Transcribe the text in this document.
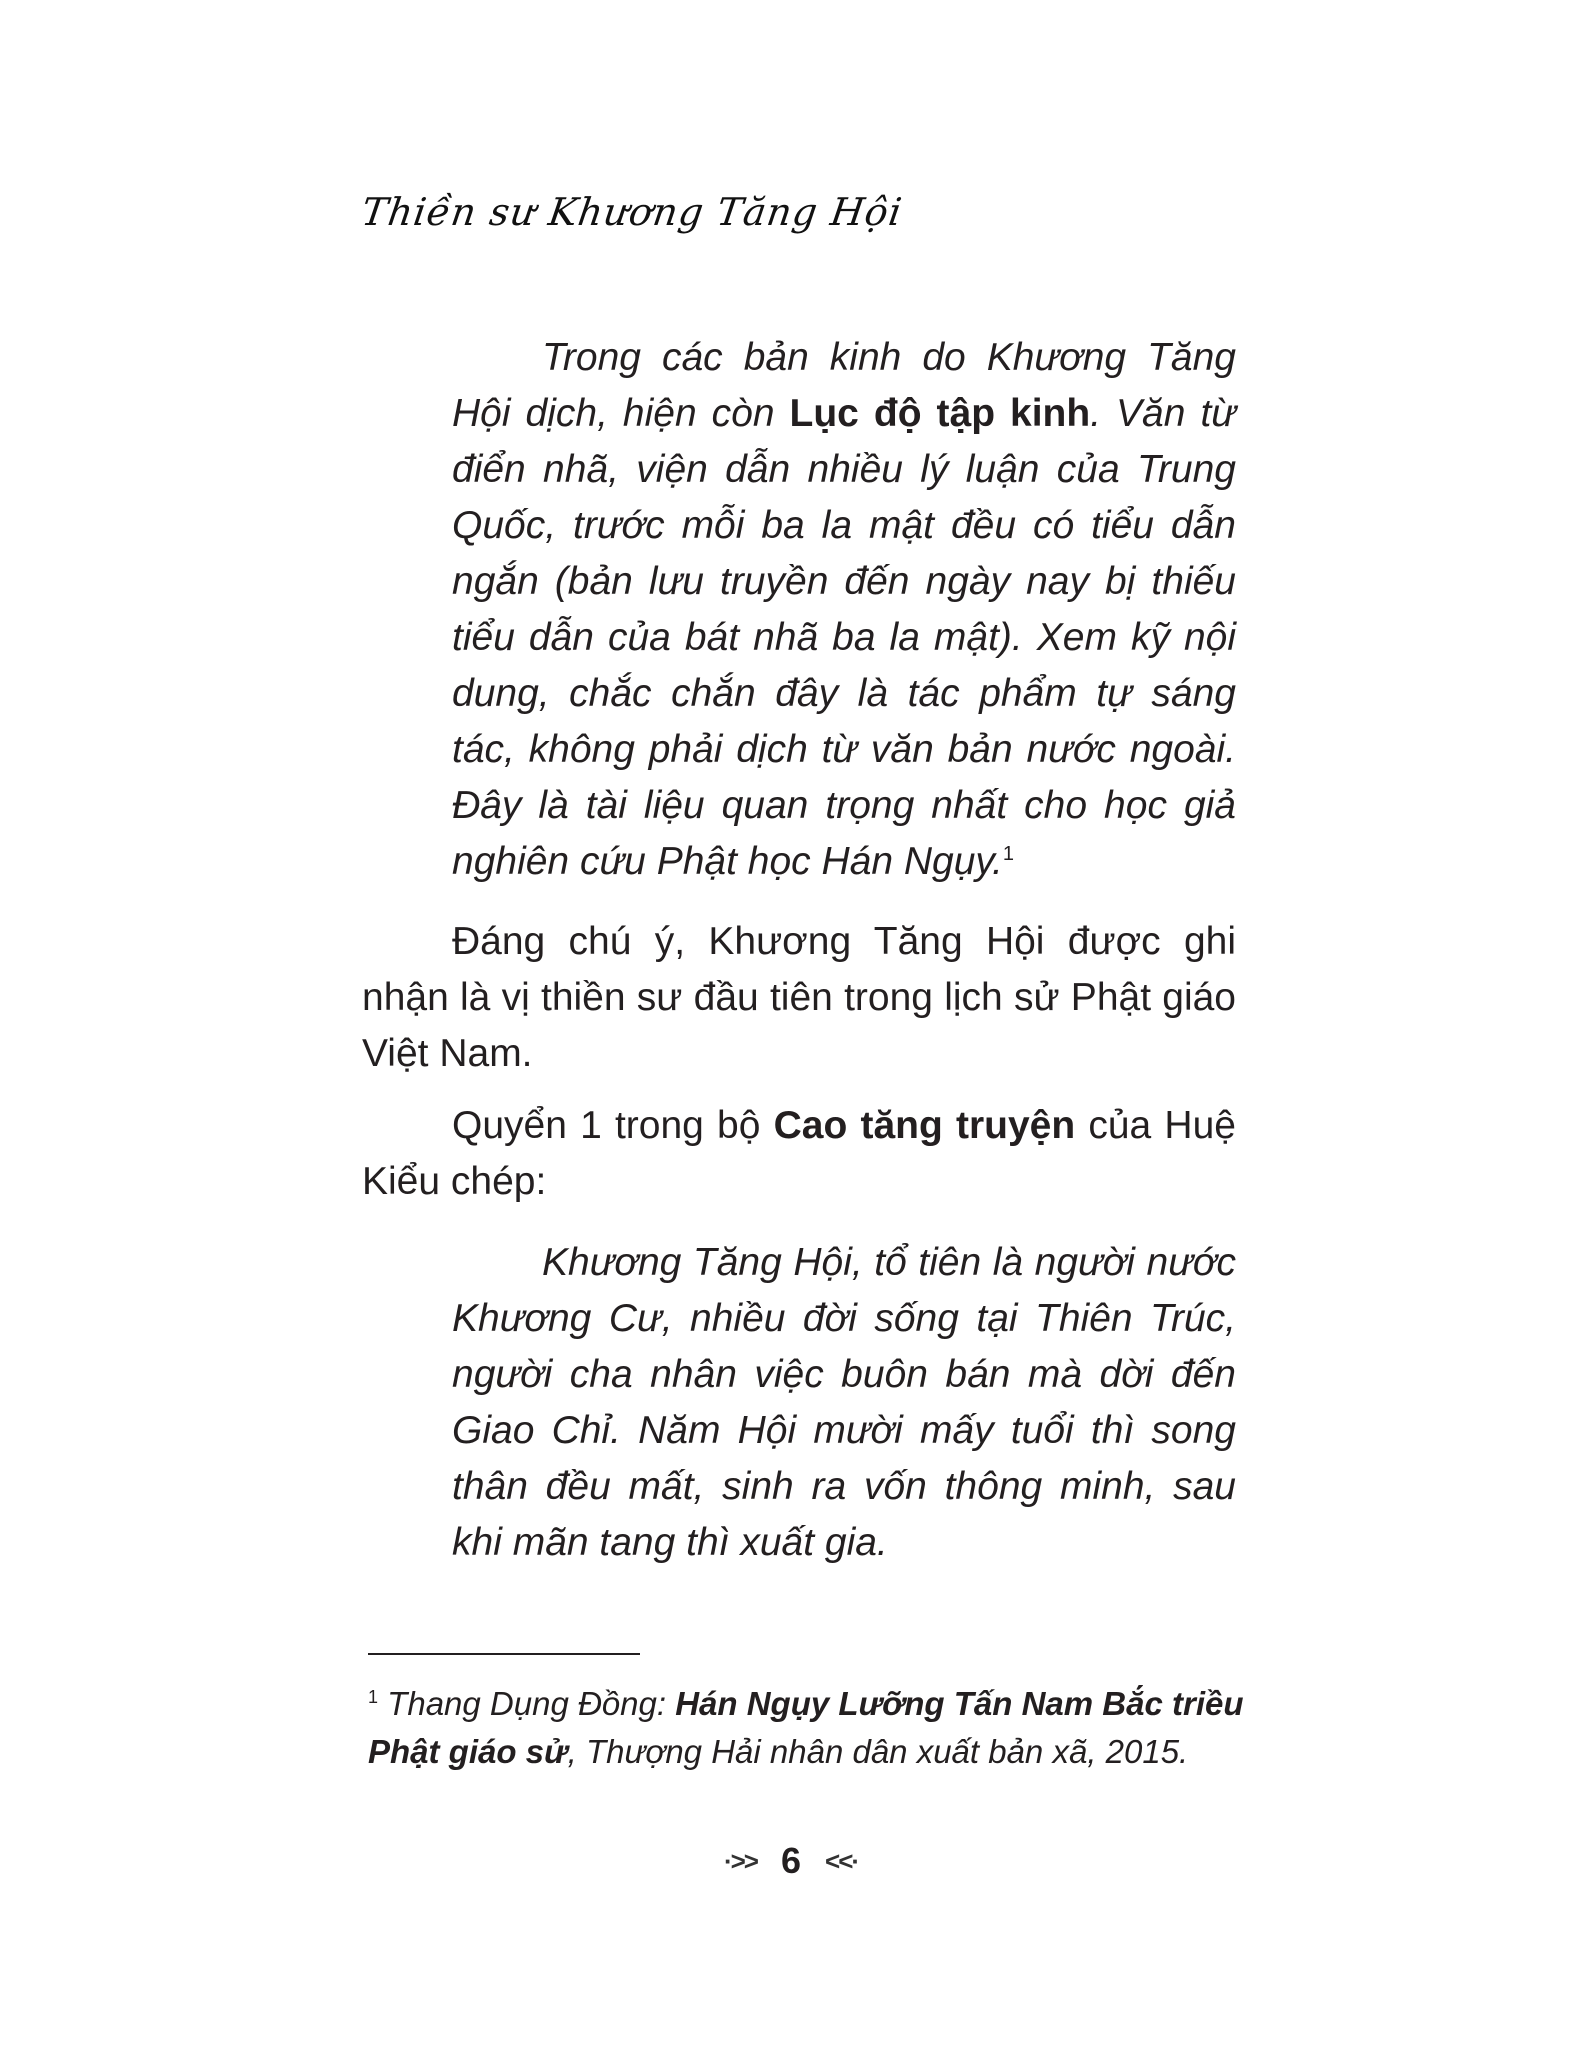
Thiền sư Khương Tăng Hội
Trong các bản kinh do Khương Tăng Hội dịch, hiện còn Lục độ tập kinh. Văn từ điển nhã, viện dẫn nhiều lý luận của Trung Quốc, trước mỗi ba la mật đều có tiểu dẫn ngắn (bản lưu truyền đến ngày nay bị thiếu tiểu dẫn của bát nhã ba la mật). Xem kỹ nội dung, chắc chắn đây là tác phẩm tự sáng tác, không phải dịch từ văn bản nước ngoài. Đây là tài liệu quan trọng nhất cho học giả nghiên cứu Phật học Hán Ngụy.$^1$
Đáng chú ý, Khương Tăng Hội được ghi nhận là vị thiền sư đầu tiên trong lịch sử Phật giáo Việt Nam.
Quyển 1 trong bộ Cao tăng truyện của Huệ Kiểu chép:
Khương Tăng Hội, tổ tiên là người nước Khương Cư, nhiều đời sống tại Thiên Trúc, người cha nhân việc buôn bán mà dời đến Giao Chỉ. Năm Hội mười mấy tuổi thì song thân đều mất, sinh ra vốn thông minh, sau khi mãn tang thì xuất gia.
$^1$ Thang Dụng Đồng: Hán Ngụy Lưỡng Tấn Nam Bắc triều Phật giáo sử, Thượng Hải nhân dân xuất bản xã, 2015.
·>> 6 <<·
